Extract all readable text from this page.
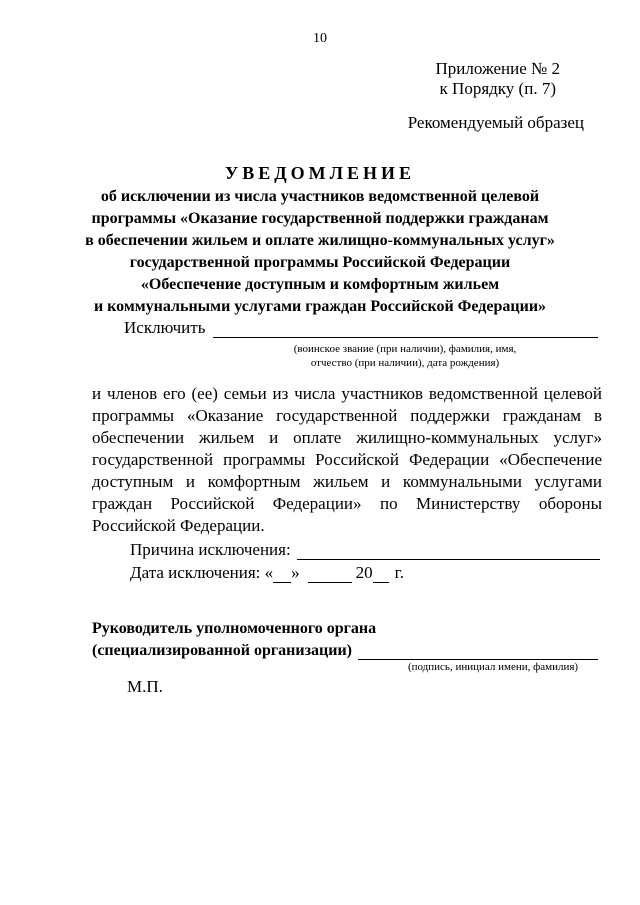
10
Приложение № 2
к Порядку (п. 7)
Рекомендуемый образец
УВЕДОМЛЕНИЕ
об исключении из числа участников ведомственной целевой
программы «Оказание государственной поддержки гражданам
в обеспечении жильем и оплате жилищно-коммунальных услуг»
государственной программы Российской Федерации
«Обеспечение доступным и комфортным жильем
и коммунальными услугами граждан Российской Федерации»
Исключить
(воинское звание (при наличии), фамилия, имя,
отчество (при наличии), дата рождения)
и членов его (ее) семьи из числа участников ведомственной целевой программы «Оказание государственной поддержки гражданам в обеспечении жильем и оплате жилищно-коммунальных услуг» государственной программы Российской Федерации «Обеспечение доступным и комфортным жильем и коммунальными услугами граждан Российской Федерации» по Министерству обороны Российской Федерации.
Причина исключения:
Дата исключения: « »	20 г.
Руководитель уполномоченного органа
(специализированной организации)
(подпись, инициал имени, фамилия)
М.П.
